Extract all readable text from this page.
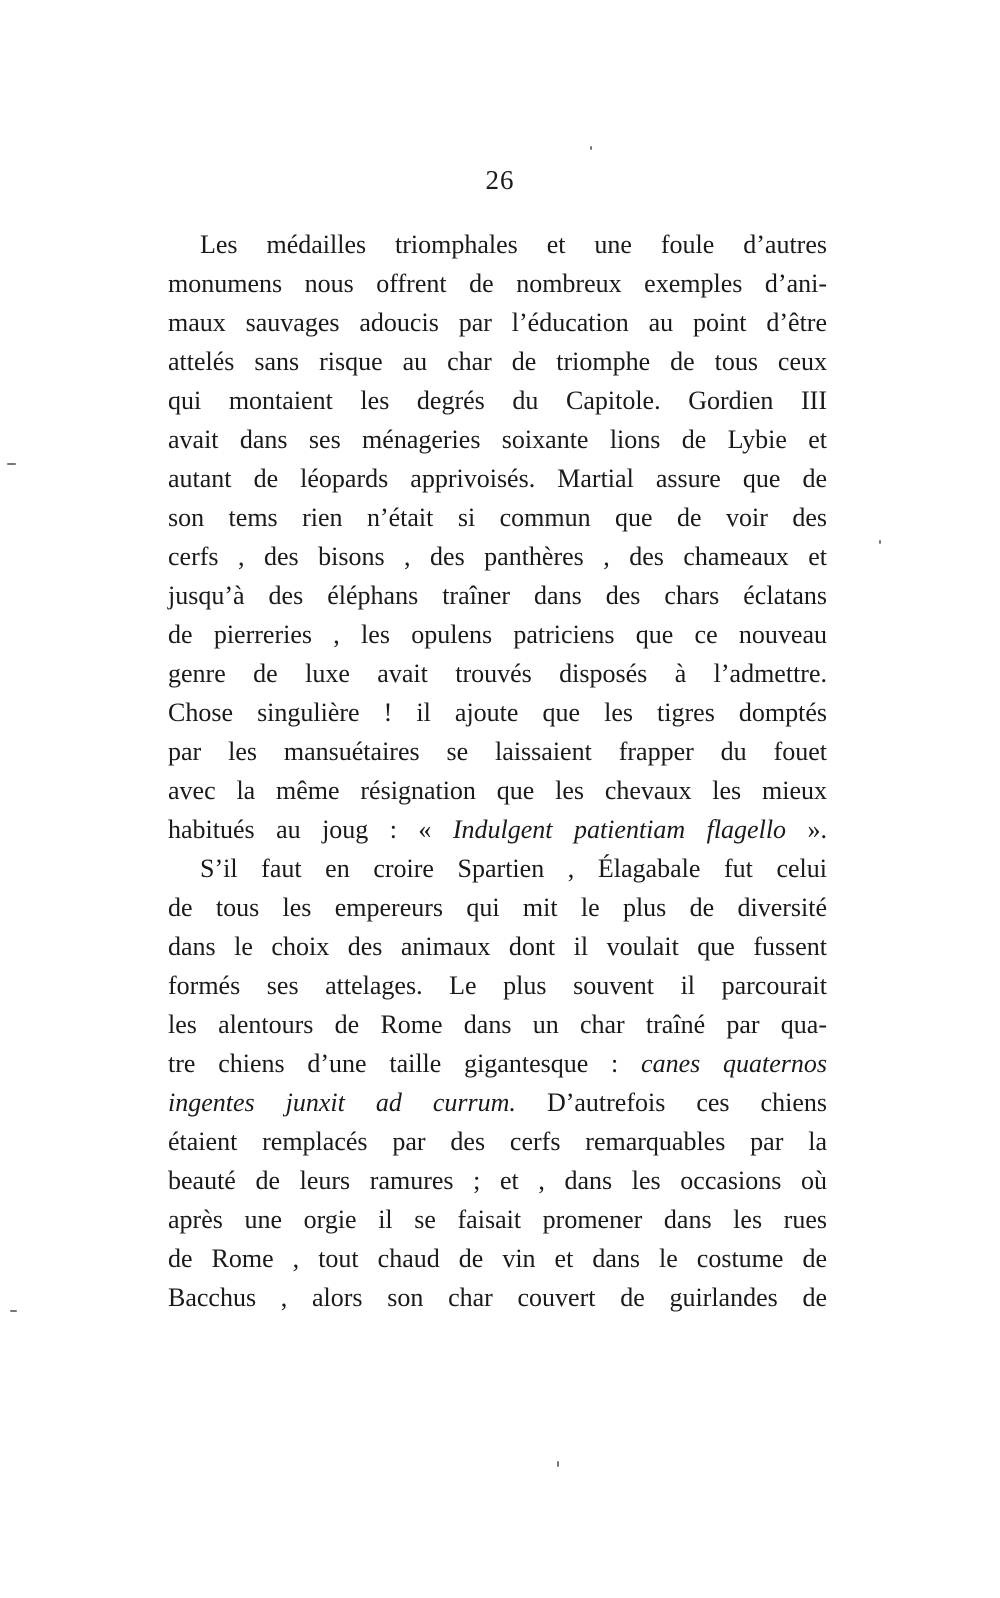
26
Les médailles triomphales et une foule d’autres
monumens nous offrent de nombreux exemples d’ani-
maux sauvages adoucis par l’éducation au point d’être
attelés sans risque au char de triomphe de tous ceux
qui montaient les degrés du Capitole. Gordien III
avait dans ses ménageries soixante lions de Lybie et
autant de léopards apprivoisés. Martial assure que de
son tems rien n’était si commun que de voir des
cerfs , des bisons , des panthères , des chameaux et
jusqu’à des éléphans traîner dans des chars éclatans
de pierreries , les opulens patriciens que ce nouveau
genre de luxe avait trouvés disposés à l’admettre.
Chose singulière ! il ajoute que les tigres domptés
par les mansuétaires se laissaient frapper du fouet
avec la même résignation que les chevaux les mieux
habitués au joug : « Indulgent patientiam flagello ».
S’il faut en croire Spartien , Élagabale fut celui
de tous les empereurs qui mit le plus de diversité
dans le choix des animaux dont il voulait que fussent
formés ses attelages. Le plus souvent il parcourait
les alentours de Rome dans un char traîné par qua-
tre chiens d’une taille gigantesque : canes quaternos
ingentes junxit ad currum. D’autrefois ces chiens
étaient remplacés par des cerfs remarquables par la
beauté de leurs ramures ; et , dans les occasions où
après une orgie il se faisait promener dans les rues
de Rome , tout chaud de vin et dans le costume de
Bacchus , alors son char couvert de guirlandes de
